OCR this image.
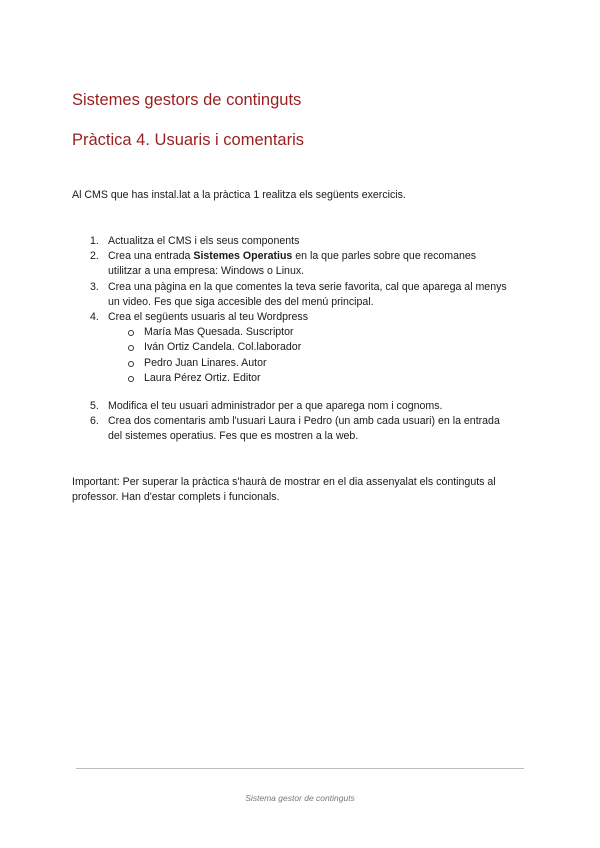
Sistemes gestors de continguts
Pràctica 4. Usuaris i comentaris

Al CMS que has instal.lat a la pràctica 1 realitza els següents exercicis.

1. Actualitza el CMS i els seus components
2. Crea una entrada Sistemes Operatius en la que parles sobre que recomanes
utilitzar a una empresa: Windows o Linux.
3. Crea una pàgina en la que comentes la teva serie favorita, cal que aparega al menys
un video. Fes que siga accesible des del menú principal.
4. Crea el següents usuaris al teu Wordpress
María Mas Quesada. Suscriptor
Iván Ortiz Candela. Col.laborador
Pedro Juan Linares. Autor
Laura Pérez Ortiz. Editor
5. Modifica el teu usuari administrador per a que aparega nom i cognoms.
6. Crea dos comentaris amb l'usuari Laura i Pedro (un amb cada usuari) en la entrada
del sistemes operatius. Fes que es mostren a la web.

Important: Per superar la pràctica s'haurà de mostrar en el dia assenyalat els continguts al
professor. Han d'estar complets i funcionals.

Sistema gestor de continguts
